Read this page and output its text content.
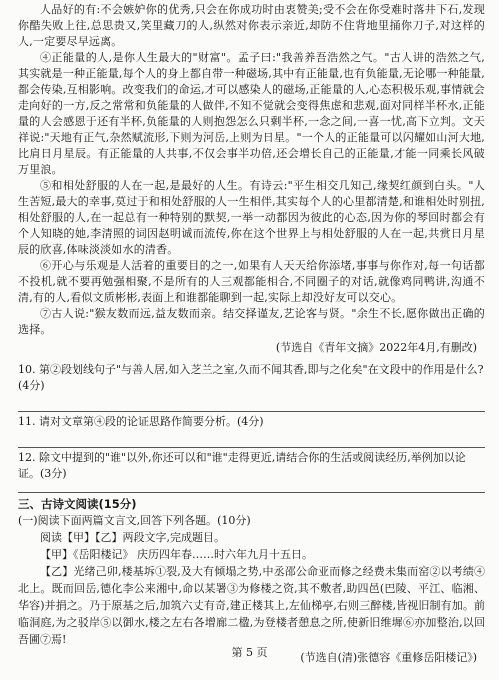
人品好的有:不会嫉妒你的优秀,只会在你成功时由衷赞美;受不会在你受难时落井下石,发现你酷失败上往,总思贵又,笑里藏刀的人,纵然对你表示亲近,却防不住背地里捅你刀子,对这样的人,一定要尽早远离。

④正能量的人,是你人生最大的"财富"。孟子曰:"我善养吾浩然之气。"古人讲的浩然之气,其实就是一种正能量,每个人的身上都自带一种磁场,其中有正能量,也有负能量,无论哪一种能量,都会传染,互相影响。改变我们的命运,才可以感染人的磁场,正能量的人,心态积极乐观,事情就会走向好的一方,反之常常和负能量的人做伴,不知不觉就会变得焦虑和悲观,面对同样半杯水,正能量的人会感恩于还有半杯,负能量的人则抱怨怎么只剩半杯,一念之间,一喜一忧,高下立判。文天祥说:"天地有正气,杂然赋流形,下则为河岳,上则为日星。"一个人的正能量可以闪耀如山河大地,比肩日月星辰。有正能量的人共事,不仅会事半功倍,还会增长自己的正能量,才能一同乘长风破万里浪。

⑤和相处舒服的人在一起,是最好的人生。有诗云:"平生相交几知己,缘契红颜到白头。"人生苦短,最大的幸事,莫过于和相处舒服的人一生相伴,其实每个人的心里都清楚,和谁相处时别扭,相处舒服的人,在一起总有一种特别的默契,一举一动都因为彼此的心态,因为你的琴回时都会有个人知晓的她,李清照的词因赵明诚而流传,你在这个世界上与相处舒服的人在一起,共赏日月星辰的欣喜,体味淡淡如水的清香。

⑥开心与乐观是人活着的重要目的之一,如果有人天天给你添堵,事事与你作对,每一句话都不投机,就不要再勉强相聚,不是所有的人三观都能相合,不同圈子的对话,就像鸡同鸭讲,沟通不清,有的人,看似文质彬彬,表面上和谁都能聊到一起,实际上却没好友可以交心。

⑦古人说:"猴友数而远,益友数而亲。结交择谨友,艺论客与贤。"余生不长,愿你做出正确的选择。

(节选自《青年文摘》2022年4月,有删改)

10. 第②段划线句子"与善人居,如入芝兰之室,久而不闻其香,即与之化矣"在文段中的作用是什么?(4分)

11. 请对文章第④段的论证思路作简要分析。(4分)

12. 除文中提到的"谁"以外,你还可以和"谁"走得更近,请结合你的生活或阅读经历,举例加以论证。(3分)

三、古诗文阅读(15分)

(一)阅读下面两篇文言文,回答下列各题。(10分)

阅读【甲】【乙】两段文字,完成题目。

【甲】《岳阳楼记》 庆历四年春……时六年九月十五日。

【乙】光绪己卯,楼基坼①裂,及大有倾塌之势,中丞邵公命亚而修之经费未集而窑②以考绩④北上。既而回岳,德化李公来湘中,命以某署③为修楼之资,其不敷者,助四邑(巴陵、平江、临湘、华容)并捐之。乃于原基之后,加筑六丈有奇,建正楼其上,左仙梯亭,右则三醉楼,皆视旧制有加。前临洞庭,为之驳岸⑤以御水,楼之左右各增廊二楹,为登楼者憩息之所,使新旧维墀⑥亦加整治,以回吾圃⑦焉!

(节选自(清)张德容《重修岳阳楼记》)

第 5 页
